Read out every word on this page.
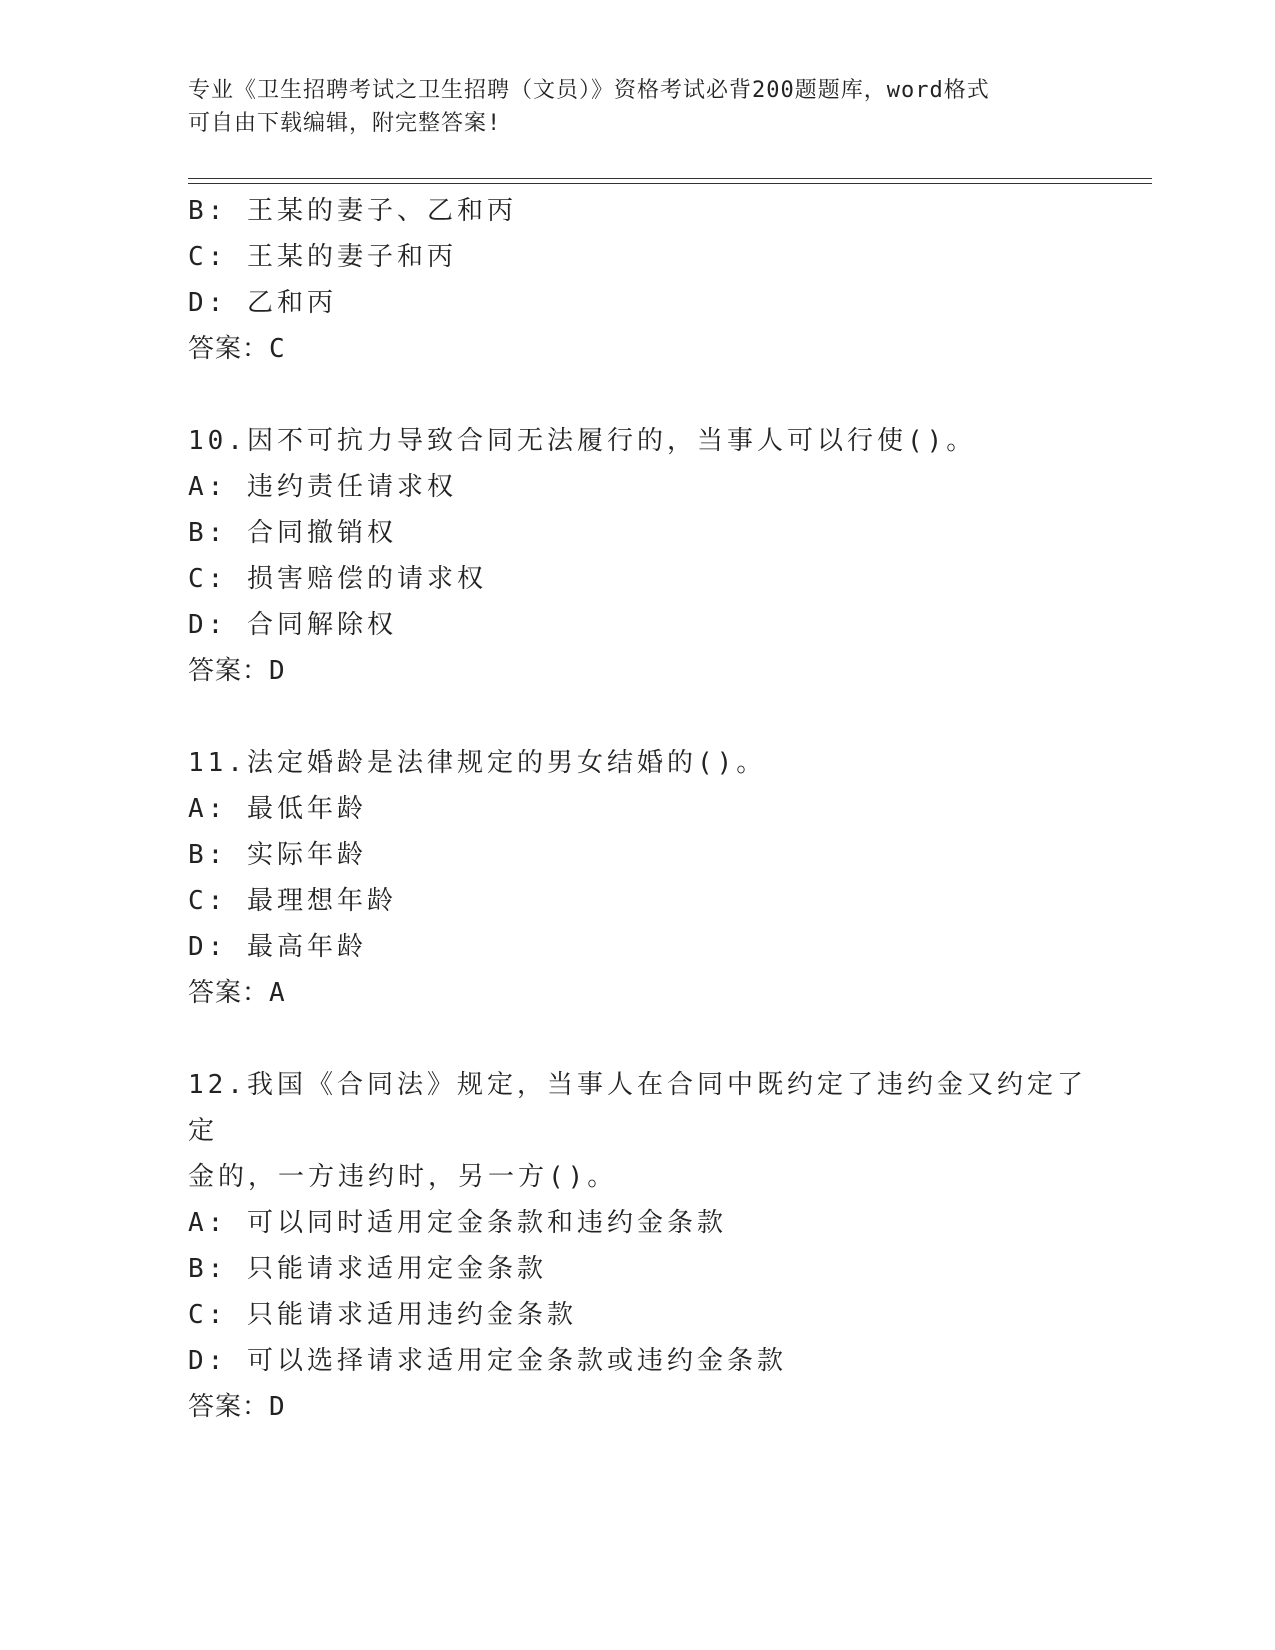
专业《卫生招聘考试之卫生招聘（文员）》资格考试必背200题题库，word格式
可自由下载编辑，附完整答案!
B: 王某的妻子、乙和丙
C: 王某的妻子和丙
D: 乙和丙
答案：C
10.因不可抗力导致合同无法履行的，当事人可以行使()。
A: 违约责任请求权
B: 合同撤销权
C: 损害赔偿的请求权
D: 合同解除权
答案：D
11.法定婚龄是法律规定的男女结婚的()。
A: 最低年龄
B: 实际年龄
C: 最理想年龄
D: 最高年龄
答案：A
12.我国《合同法》规定，当事人在合同中既约定了违约金又约定了定
金的，一方违约时，另一方()。
A: 可以同时适用定金条款和违约金条款
B: 只能请求适用定金条款
C: 只能请求适用违约金条款
D: 可以选择请求适用定金条款或违约金条款
答案：D
